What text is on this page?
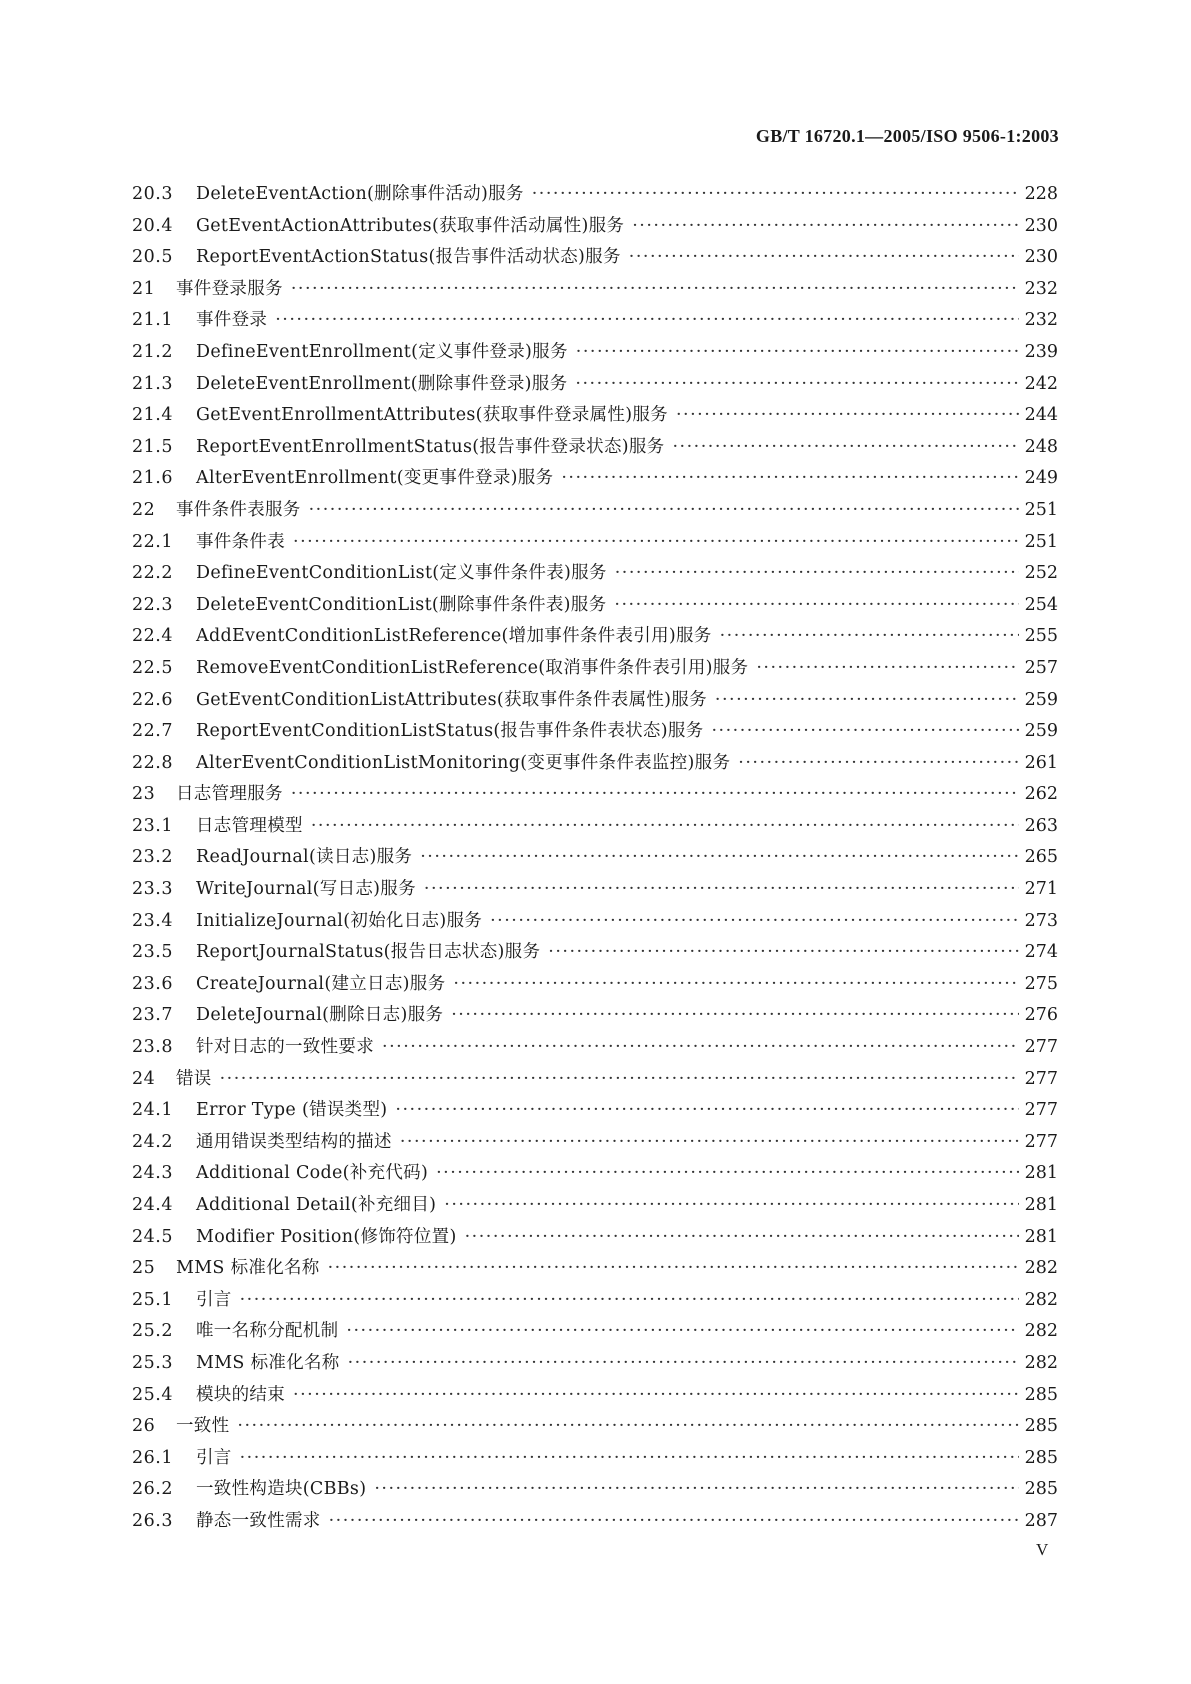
GB/T 16720.1—2005/ISO 9506-1:2003
20.3	DeleteEventAction(删除事件活动)服务 ·····	228
20.4	GetEventActionAttributes(获取事件活动属性)服务 ·····	230
20.5	ReportEventActionStatus(报告事件活动状态)服务 ·····	230
21	事件登录服务 ·····	232
21.1	事件登录 ·····	232
21.2	DefineEventEnrollment(定义事件登录)服务 ·····	239
21.3	DeleteEventEnrollment(删除事件登录)服务 ·····	242
21.4	GetEventEnrollmentAttributes(获取事件登录属性)服务 ·····	244
21.5	ReportEventEnrollmentStatus(报告事件登录状态)服务 ·····	248
21.6	AlterEventEnrollment(变更事件登录)服务 ·····	249
22	事件条件表服务 ·····	251
22.1	事件条件表 ·····	251
22.2	DefineEventConditionList(定义事件条件表)服务 ·····	252
22.3	DeleteEventConditionList(删除事件条件表)服务 ·····	254
22.4	AddEventConditionListReference(增加事件条件表引用)服务 ·····	255
22.5	RemoveEventConditionListReference(取消事件条件表引用)服务 ·····	257
22.6	GetEventConditionListAttributes(获取事件条件表属性)服务 ·····	259
22.7	ReportEventConditionListStatus(报告事件条件表状态)服务 ·····	259
22.8	AlterEventConditionListMonitoring(变更事件条件表监控)服务 ·····	261
23	日志管理服务 ·····	262
23.1	日志管理模型 ·····	263
23.2	ReadJournal(读日志)服务 ·····	265
23.3	WriteJournal(写日志)服务 ·····	271
23.4	InitializeJournal(初始化日志)服务 ·····	273
23.5	ReportJournalStatus(报告日志状态)服务 ·····	274
23.6	CreateJournal(建立日志)服务 ·····	275
23.7	DeleteJournal(删除日志)服务 ·····	276
23.8	针对日志的一致性要求 ·····	277
24	错误 ·····	277
24.1	Error Type (错误类型) ·····	277
24.2	通用错误类型结构的描述 ·····	277
24.3	Additional Code(补充代码) ·····	281
24.4	Additional Detail(补充细目) ·····	281
24.5	Modifier Position(修饰符位置) ·····	281
25	MMS 标准化名称 ·····	282
25.1	引言 ·····	282
25.2	唯一名称分配机制 ·····	282
25.3	MMS 标准化名称 ·····	282
25.4	模块的结束 ·····	285
26	一致性 ·····	285
26.1	引言 ·····	285
26.2	一致性构造块(CBBs) ·····	285
26.3	静态一致性需求 ·····	287
V
